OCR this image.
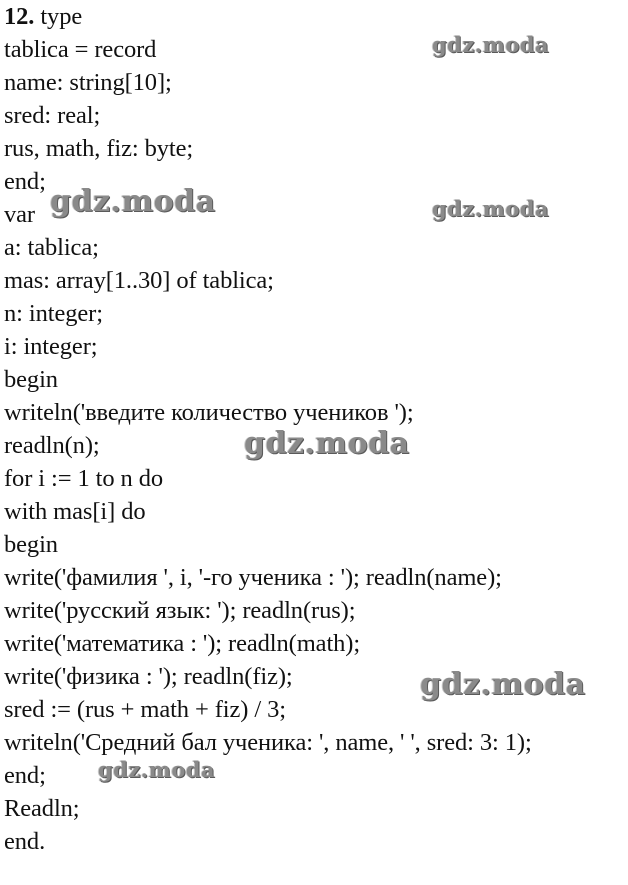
12. type
tablica = record
name: string[10];
sred: real;
rus, math, fiz: byte;
end;
var
a: tablica;
mas: array[1..30] of tablica;
n: integer;
i: integer;
begin
writeln('введите количество учеников ');
readln(n);
for i := 1 to n do
with mas[i] do
begin
write('фамилия ', i, '-го ученика : '); readln(name);
write('русский язык: '); readln(rus);
write('математика : '); readln(math);
write('физика : '); readln(fiz);
sred := (rus + math + fiz) / 3;
writeln('Средний бал ученика: ', name, ' ', sred: 3: 1);
end;
Readln;
end.
gdz.moda
gdz.moda	gdz.moda
gdz.moda
gdz.moda
gdz.moda
